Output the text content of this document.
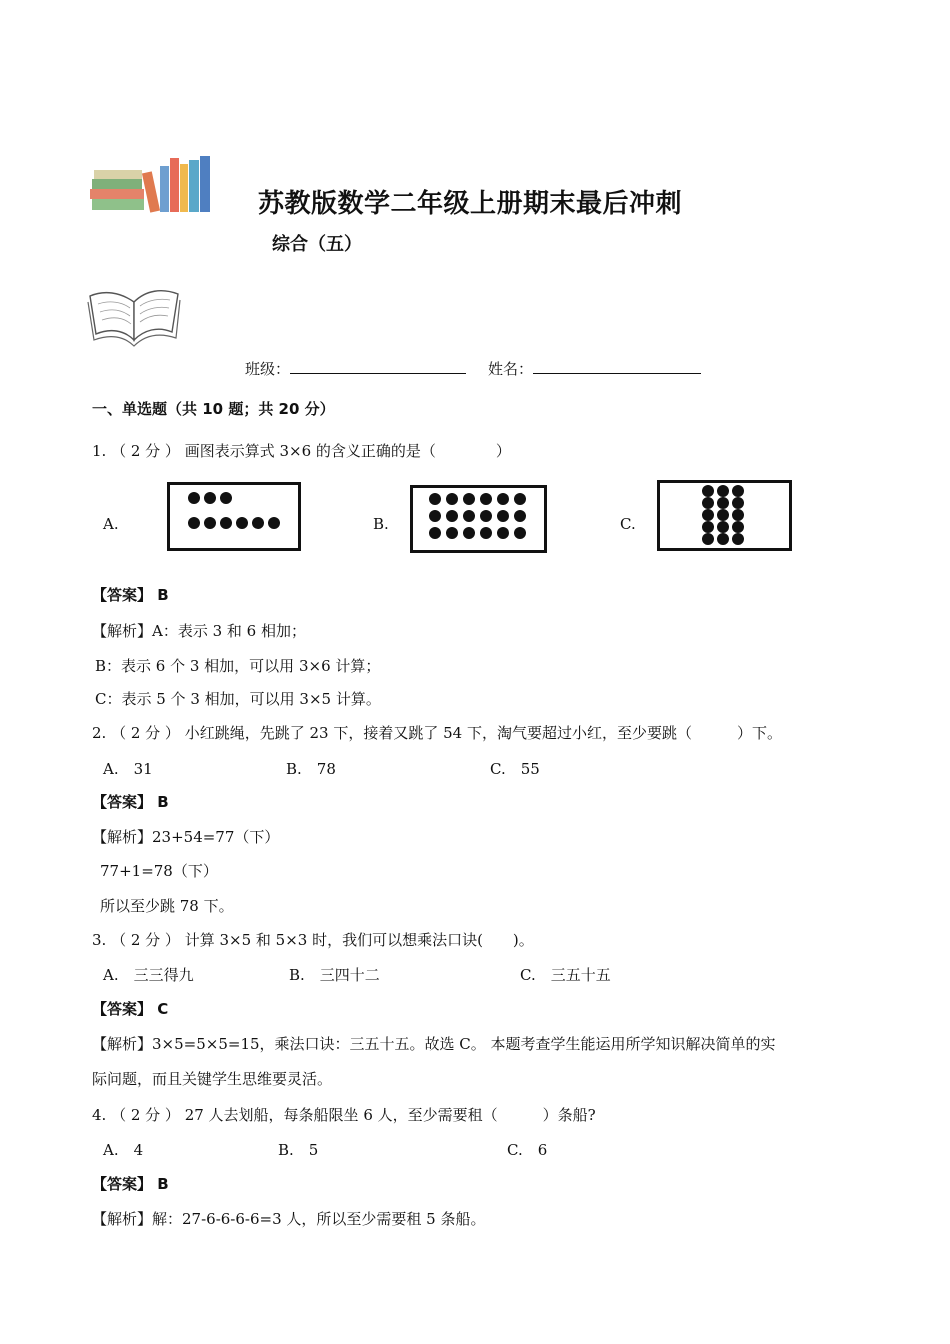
苏教版数学二年级上册期末最后冲刺
综合（五）
班级：	姓名：
一、单选题（共 10 题；共 20 分）
1. （ 2 分 ） 画图表示算式 3×6 的含义正确的是（　　　　）
A.	B.	C.
【答案】 B
【解析】A：表示 3 和 6 相加；
B：表示 6 个 3 相加，可以用 3×6 计算；
C：表示 5 个 3 相加，可以用 3×5 计算。
2. （ 2 分 ） 小红跳绳，先跳了 23 下，接着又跳了 54 下，淘气要超过小红，至少要跳（　　　）下。
A.　31	B.　78	C.　55
【答案】 B
【解析】23+54=77（下）
77+1=78（下）
所以至少跳 78 下。
3. （ 2 分 ） 计算 3×5 和 5×3 时，我们可以想乘法口诀(　　)。
A.　三三得九	B.　三四十二	C.　三五十五
【答案】 C
【解析】3×5=5×5=15，乘法口诀：三五十五。故选 C。 本题考查学生能运用所学知识解决简单的实
际问题，而且关键学生思维要灵活。
4. （ 2 分 ） 27 人去划船，每条船限坐 6 人，至少需要租（　　　）条船?
A.　4	B.　5	C.　6
【答案】 B
【解析】解：27-6-6-6-6=3 人，所以至少需要租 5 条船。
